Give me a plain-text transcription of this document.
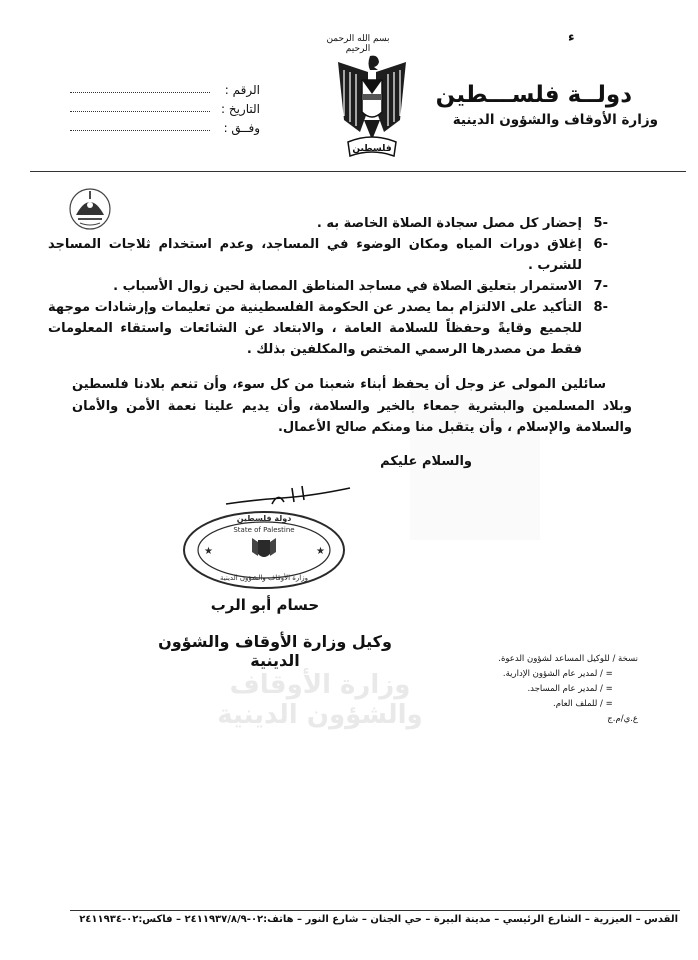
ء
بسم الله الرحمن الرحيم
فلسطين
دولــة فلســـطين
وزارة الأوقاف والشؤون الدينية
الرقم :
التاريخ :
وفــق :
-5
إحضار كل مصل سجادة الصلاة الخاصة به .
-6
إغلاق دورات المياه ومكان الوضوء في المساجد، وعدم استخدام ثلاجات المساجد للشرب .
-7
الاستمرار بتعليق الصلاة في مساجد المناطق المصابة لحين زوال الأسباب .
-8
التأكيد على الالتزام بما يصدر عن الحكومة الفلسطينية من تعليمات وإرشادات موجهة للجميع وقايةً وحفظاً للسلامة العامة ، والابتعاد عن الشائعات واستقاء المعلومات فقط من مصدرها الرسمي المختص والمكلفين بذلك .
سائلين المولى عز وجل أن يحفظ أبناء شعبنا من كل سوء، وأن تنعم بلادنا فلسطين وبلاد المسلمين والبشرية جمعاء بالخير والسلامة، وأن يديم علينا نعمة الأمن والأمان والسلامة والإسلام ، وأن يتقبل منا ومنكم صالح الأعمال.
والسلام عليكم
دولة فلسطين
State of Palestine
وزارة الأوقاف والشؤون الدينية
★	★
حسام أبو الرب
وكيل وزارة الأوقاف والشؤون الدينية
وزارة الأوقاف والشؤون الدينية
نسخة /

للوكيل المساعد لشؤون الدعوة.
= /

لمدير عام الشؤون الإدارية.
= /

لمدير عام المساجد.
= /

للملف العام.
ع.ي/م.ج
القدس – العيزرية – الشارع الرئيسي – مدينة البيرة – حي الجنان – شارع النور – هاتف:٠٢-٢٤١١٩٣٧/٨/٩ – فاكس:٠٢-٢٤١١٩٣٤
